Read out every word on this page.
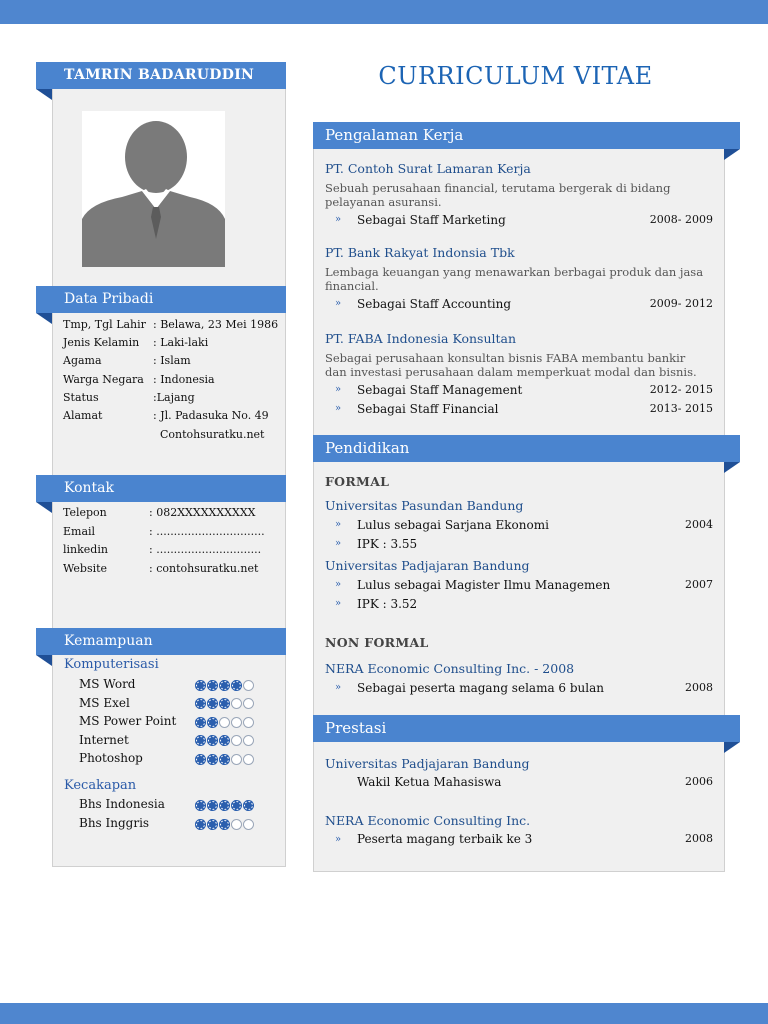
TAMRIN BADARUDDIN
Data Pribadi
Tmp, Tgl Lahir : Belawa, 23 Mei 1986
Jenis Kelamin : Laki-laki
Agama	: Islam
Warga Negara : Indonesia
Status	:Lajang
Alamat	: Jl. Padasuka No. 49
Contohsuratku.net
Kontak
Telepon	: 082XXXXXXXXXX
Email	: ...............................
linkedin	: ..............................
Website	: contohsuratku.net
Kemampuan
Komputerisasi
MS Word
MS Exel
MS Power Point
Internet
Photoshop
Kecakapan
Bhs Indonesia
Bhs Inggris
CURRICULUM VITAE
Pengalaman Kerja
PT. Contoh Surat Lamaran Kerja
Sebuah perusahaan financial, terutama bergerak di bidang pelayanan asuransi.
» Sebagai Staff Marketing	2008- 2009
PT. Bank Rakyat Indonsia Tbk
Lembaga keuangan yang menawarkan berbagai produk dan jasa financial.
» Sebagai Staff Accounting	2009- 2012
PT. FABA Indonesia Konsultan
Sebagai perusahaan konsultan bisnis FABA membantu bankir dan investasi perusahaan dalam memperkuat modal dan bisnis.
» Sebagai Staff Management	2012- 2015
» Sebagai Staff Financial	2013- 2015
Pendidikan
FORMAL
Universitas Pasundan Bandung
» Lulus sebagai Sarjana Ekonomi	2004
» IPK : 3.55
Universitas Padjajaran Bandung
» Lulus sebagai Magister Ilmu Managemen	2007
» IPK : 3.52
NON FORMAL
NERA Economic Consulting Inc. - 2008
» Sebagai peserta magang selama 6 bulan	2008
Prestasi
Universitas Padjajaran Bandung
Wakil Ketua Mahasiswa	2006
NERA Economic Consulting Inc.
» Peserta magang terbaik ke 3	2008
